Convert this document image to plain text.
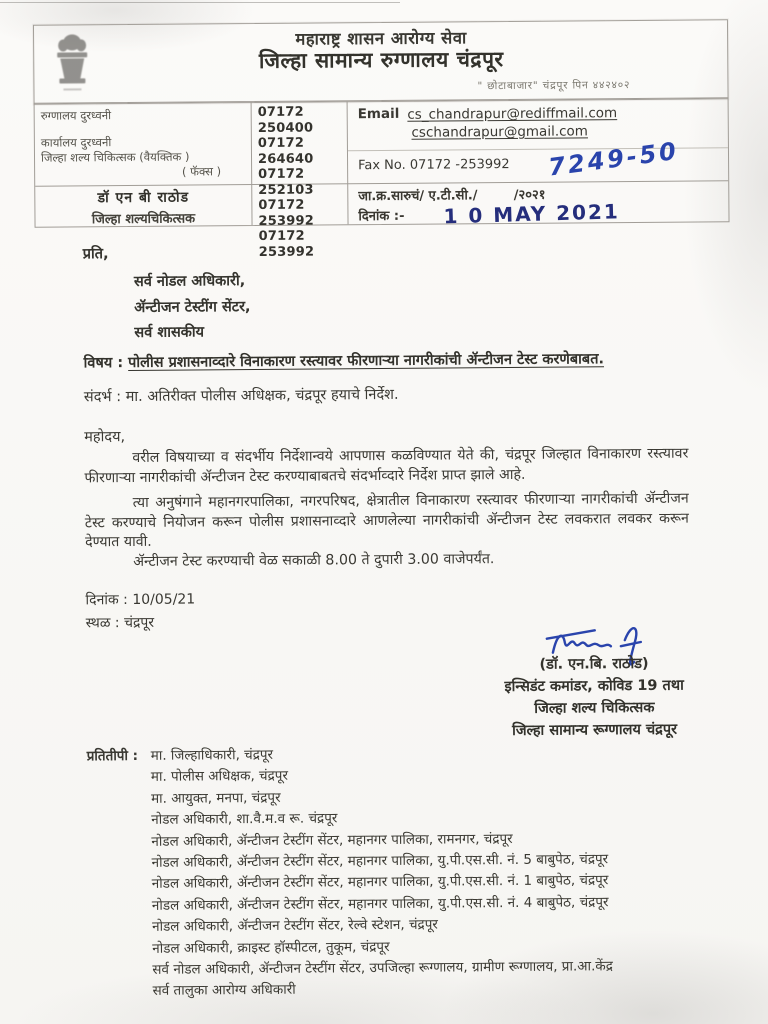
महाराष्ट्र शासन आरोग्य सेवा
जिल्हा सामान्य रुग्णालय चंद्रपूर
" छोटाबाजार" चंद्रपूर पिन ४४२४०२
रुग्णालय दुरध्वनी
कार्यालय दुरध्वनी
जिल्हा शल्य चिकित्सक (वैयक्तिक )
( फॅक्स )
07172 250400
07172 264640
07172 252103
07172 253992
07172 253992
Email cs_chandrapur@rediffmail.com
cschandrapur@gmail.com
Fax No. 07172 -253992 7249-50
डॉ एन बी राठोड
जिल्हा शल्यचिकित्सक
जा.क्र.सारुचं/ ए.टी.सी./        /२०२१
दिनांक :-	1 0 MAY 2021
प्रति,
सर्व नोडल अधिकारी,
ॲन्टीजन टेस्टींग सेंटर,
सर्व शासकीय
विषय : पोलीस प्रशासनाव्दारे विनाकारण रस्त्यावर फीरणाऱ्या नागरीकांची ॲन्टीजन टेस्ट करणेबाबत.
संदर्भ : मा. अतिरीक्त पोलीस अधिक्षक, चंद्रपूर हयाचे निर्देश.
महोदय,
वरील विषयाच्या व संदर्भीय निर्देशान्वये आपणास कळविण्यात येते की, चंद्रपूर जिल्हात विनाकारण रस्त्यावर फीरणाऱ्या नागरीकांची ॲन्टीजन टेस्ट करण्याबाबतचे संदर्भाव्दारे निर्देश प्राप्त झाले आहे.
त्या अनुषंगाने महानगरपालिका, नगरपरिषद, क्षेत्रातील विनाकारण रस्त्यावर फीरणाऱ्या नागरीकांची ॲन्टीजन टेस्ट करण्याचे नियोजन करून पोलीस प्रशासनाव्दारे आणलेल्या नागरीकांची ॲन्टीजन टेस्ट लवकरात लवकर करून देण्यात यावी.
ॲन्टीजन टेस्ट करण्याची वेळ सकाळी 8.00 ते दुपारी 3.00 वाजेपर्यंत.
दिनांक : 10/05/21
स्थळ : चंद्रपूर
(डॉ. एन.बि. राठोड)
इन्सिडंट कमांडर, कोविड 19 तथा
जिल्हा शल्य चिकित्सक
जिल्हा सामान्य रूग्णालय चंद्रपूर
प्रतितीपी : मा. जिल्हाधिकारी, चंद्रपूर
मा. पोलीस अधिक्षक, चंद्रपूर
मा. आयुक्त, मनपा, चंद्रपूर
नोडल अधिकारी, शा.वै.म.व रू. चंद्रपूर
नोडल अधिकारी, ॲन्टीजन टेस्टींग सेंटर, महानगर पालिका, रामनगर, चंद्रपूर
नोडल अधिकारी, ॲन्टीजन टेस्टींग सेंटर, महानगर पालिका, यु.पी.एस.सी. नं. 5 बाबुपेठ, चंद्रपूर
नोडल अधिकारी, ॲन्टीजन टेस्टींग सेंटर, महानगर पालिका, यु.पी.एस.सी. नं. 1 बाबुपेठ, चंद्रपूर
नोडल अधिकारी, ॲन्टीजन टेस्टींग सेंटर, महानगर पालिका, यु.पी.एस.सी. नं. 4 बाबुपेठ, चंद्रपूर
नोडल अधिकारी, ॲन्टीजन टेस्टींग सेंटर, रेल्वे स्टेशन, चंद्रपूर
नोडल अधिकारी, क्राइस्ट हॉस्पीटल, तुकूम, चंद्रपूर
सर्व नोडल अधिकारी, ॲन्टीजन टेस्टींग सेंटर, उपजिल्हा रूग्णालय, ग्रामीण रूग्णालय, प्रा.आ.केंद्र
सर्व तालुका आरोग्य अधिकारी
